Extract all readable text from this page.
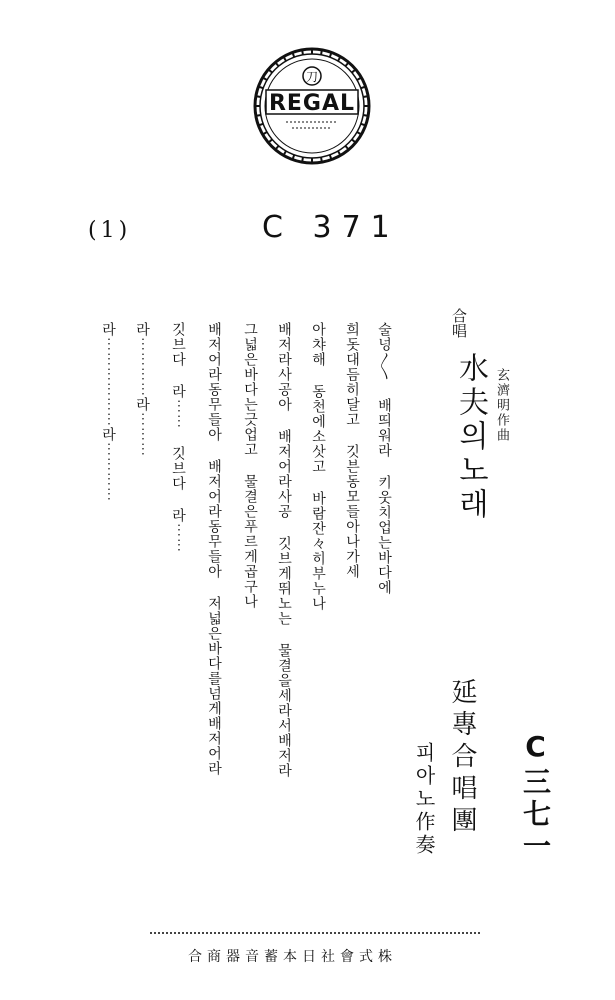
刀
REGAL
(1)	C 371
合唱
水夫의노래 玄濟明作曲
延專合唱團
피아노作奏	C三七一
술넝〱 배띄워라 키웃치업는바다에
희돗대듬히달고 깃븐동모들아나가세
아챠해 동천에소삿고 바람잔々히부누나
배저라사공아 배저어라사공 깃브게뛰노는 물결을세라서배저라
그넓은바다는긋업고 물결은푸르게곱구나
배저어라동무들아 배저어라동무들아 저넓은바다를넘게배저어라
깃브다 라⋯⋯ 깃브다 라⋯⋯
라⋯⋯⋯⋯라⋯⋯⋯
라⋯⋯⋯⋯⋯⋯라⋯⋯⋯⋯
合商器音蓄本日社會式株
